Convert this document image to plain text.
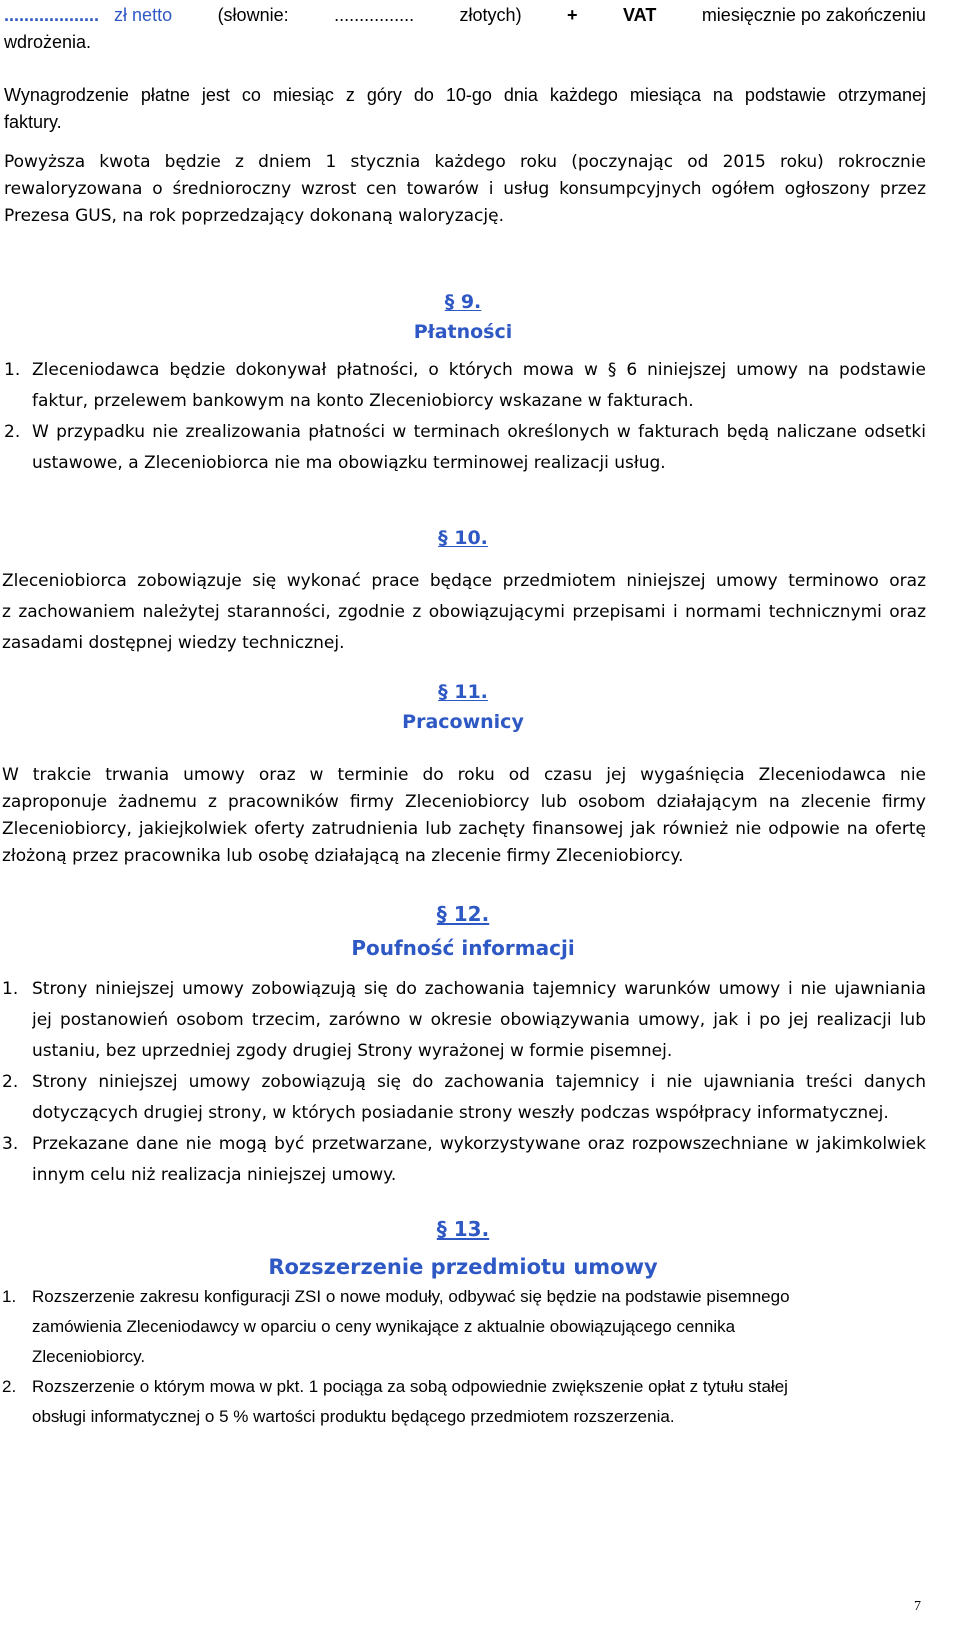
................... zł netto	(słownie:	................	złotych)	+	VAT	miesięcznie po zakończeniu
wdrożenia.
Wynagrodzenie płatne jest co miesiąc z góry do 10-go dnia każdego miesiąca na podstawie otrzymanej
faktury.
Powyższa kwota będzie z dniem 1 stycznia każdego roku (poczynając od 2015 roku) rokrocznie
rewaloryzowana o średnioroczny wzrost cen towarów i usług konsumpcyjnych ogółem ogłoszony przez
Prezesa GUS, na rok poprzedzający dokonaną waloryzację.
§ 9.
Płatności
1. Zleceniodawca będzie dokonywał płatności, o których mowa w § 6 niniejszej umowy na podstawie
faktur, przelewem bankowym na konto Zleceniobiorcy wskazane w fakturach.
2. W przypadku nie zrealizowania płatności w terminach określonych w fakturach będą naliczane odsetki
ustawowe, a Zleceniobiorca nie ma obowiązku terminowej realizacji usług.
§ 10.
Zleceniobiorca zobowiązuje się wykonać prace będące przedmiotem niniejszej umowy terminowo oraz
z zachowaniem należytej staranności, zgodnie z obowiązującymi przepisami i normami technicznymi oraz
zasadami dostępnej wiedzy technicznej.
§ 11.
Pracownicy
W trakcie trwania umowy oraz w terminie do roku od czasu jej wygaśnięcia Zleceniodawca nie
zaproponuje żadnemu z pracowników firmy Zleceniobiorcy lub osobom działającym na zlecenie firmy
Zleceniobiorcy, jakiejkolwiek oferty zatrudnienia lub zachęty finansowej jak również nie odpowie na ofertę
złożoną przez pracownika lub osobę działającą na zlecenie firmy Zleceniobiorcy.
§ 12.
Poufność informacji
1. Strony niniejszej umowy zobowiązują się do zachowania tajemnicy warunków umowy i nie ujawniania
jej postanowień osobom trzecim, zarówno w okresie obowiązywania umowy, jak i po jej realizacji lub
ustaniu, bez uprzedniej zgody drugiej Strony wyrażonej w formie pisemnej.
2. Strony niniejszej umowy zobowiązują się do zachowania tajemnicy i nie ujawniania treści danych
dotyczących drugiej strony, w których posiadanie strony weszły podczas współpracy informatycznej.
3. Przekazane dane nie mogą być przetwarzane, wykorzystywane oraz rozpowszechniane w jakimkolwiek
innym celu niż realizacja niniejszej umowy.
§ 13.
Rozszerzenie przedmiotu umowy
1. Rozszerzenie zakresu konfiguracji ZSI o nowe moduły, odbywać się będzie na podstawie pisemnego
zamówienia Zleceniodawcy w oparciu o ceny wynikające z aktualnie obowiązującego cennika
Zleceniobiorcy.
2. Rozszerzenie o którym mowa w pkt. 1 pociąga za sobą odpowiednie zwiększenie opłat z tytułu stałej
obsługi informatycznej o 5 % wartości produktu będącego przedmiotem rozszerzenia.
7
